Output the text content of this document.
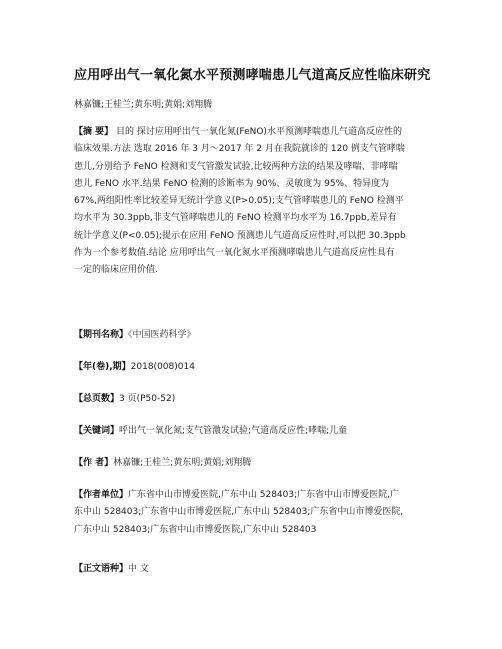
应用呼出气一氧化氮水平预测哮喘患儿气道高反应性临床研究
林嘉镰;王桂兰;黄东明;黄娟;刘翔腾
【摘 要】 目的 探讨应用呼出气一氧化氮(FeNO)水平预测哮喘患儿气道高反应性的
临床效果.方法 选取 2016 年 3 月～2017 年 2 月在我院就诊的 120 例支气管哮喘
患儿,分别给予 FeNO 检测和支气管激发试验,比较两种方法的结果及哮喘、非哮喘
患儿 FeNO 水平.结果 FeNO 检测的诊断率为 90%、灵敏度为 95%、特异度为
67%,两组阳性率比较差异无统计学意义(P>0.05);支气管哮喘患儿的 FeNO 检测平
均水平为 30.3ppb,非支气管哮喘患儿的 FeNO 检测平均水平为 16.7ppb,差异有
统计学意义(P<0.05);提示在应用 FeNO 预测患儿气道高反应性时,可以把 30.3ppb
作为一个参考数值.结论 应用呼出气一氧化氮水平预测哮喘患儿气道高反应性具有
一定的临床应用价值.
【期刊名称】《中国医药科学》
【年(卷),期】2018(008)014
【总页数】3 页(P50-52)
【关键词】呼出气一氧化氮;支气管激发试验;气道高反应性;哮喘;儿童
【作 者】林嘉镰;王桂兰;黄东明;黄娟;刘翔腾
【作者单位】广东省中山市博爱医院,广东中山 528403;广东省中山市博爱医院,广
东中山 528403;广东省中山市博爱医院,广东中山 528403;广东省中山市博爱医院,
广东中山 528403;广东省中山市博爱医院,广东中山 528403
【正文语种】中 文
